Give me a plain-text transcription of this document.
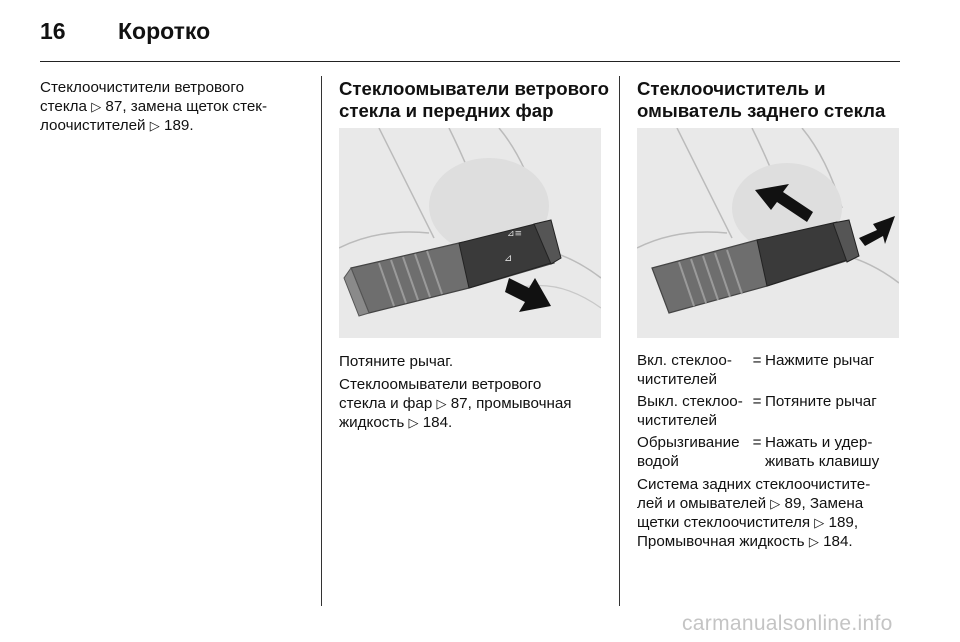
16 Коротко

Стеклоочистители ветрового
стекла ▷ 87, замена щеток стек-
лоочистителей ▷ 189.

Стеклоомыватели ветрового
стекла и передних фар
⊿≡
⊿

Потяните рычаг.

Стеклоомыватели ветрового
стекла и фар ▷ 87, промывочная
жидкость ▷ 184.

Стеклоочиститель и
омыватель заднего стекла
Вкл. стеклоо-
чистителей	=	Нажмите рычаг

Выкл. стеклоо-
чистителей	=	Потяните рычаг

Обрызгивание
водой	=	Нажать и удер-
живать клавишу

Система задних стеклоочистите-
лей и омывателей ▷ 89, Замена
щетки стеклоочистителя ▷ 189,
Промывочная жидкость ▷ 184.

carmanualsonline.info
